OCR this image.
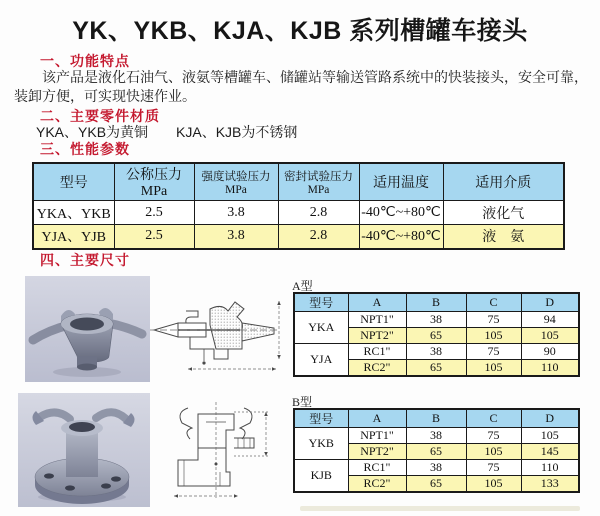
YK、YKB、KJA、KJB 系列槽罐车接头
一、功能特点

该产品是液化石油气、液氨等槽罐车、储罐站等输送管路系统中的快装接头，安全可靠，装卸方便，可实现快速作业。

二、主要零件材质
YKA、YKB为黄铜　　KJA、KJB为不锈钢
三、性能参数
型号	公称压力 MPa	强度试验压力MPa	密封试验压力MPa	适用温度	适用介质
YKA、YKB	2.5	3.8	2.8	-40℃~+80℃	液化气
YJA、YJB	2.5	3.8	2.8	-40℃~+80℃	液　氨
四、主要尺寸
A型
型号	A	B	C	D
YKA	NPT1"	38	75	94
	NPT2"	65	105	105
YJA	RC1"	38	75	90
	RC2"	65	105	110
B型
型号	A	B	C	D
YKB	NPT1"	38	75	105
	NPT2"	65	105	145
KJB	RC1"	38	75	110
	RC2"	65	105	133
